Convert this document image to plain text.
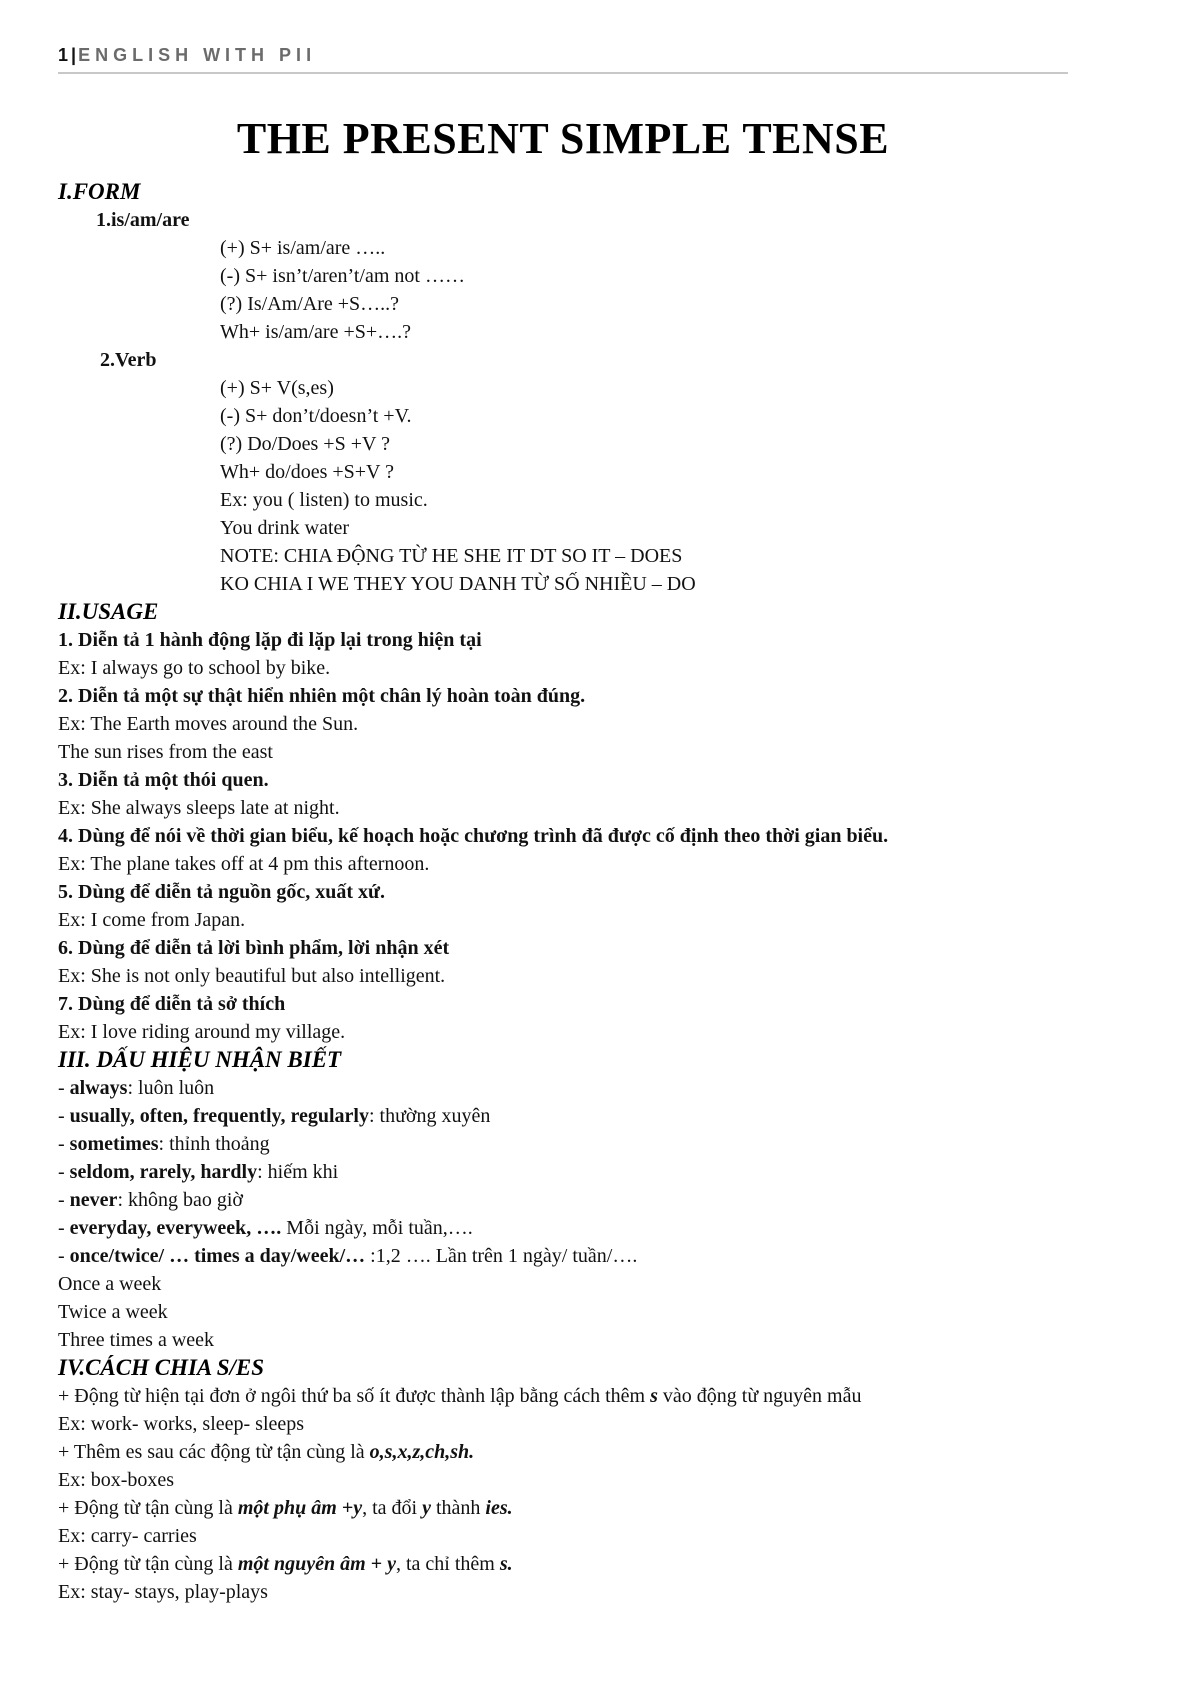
1 | ENGLISH WITH PII
THE PRESENT SIMPLE TENSE
I.FORM
1.is/am/are
(+) S+ is/am/are …..
(-) S+ isn’t/aren’t/am not ……
(?) Is/Am/Are +S…..?
Wh+ is/am/are +S+….?
2.Verb
(+) S+ V(s,es)
(-) S+ don’t/doesn’t +V.
(?) Do/Does +S +V ?
Wh+ do/does +S+V ?
Ex: you ( listen) to music.
You drink water
NOTE: CHIA ĐỘNG TỪ HE SHE IT DT SO IT – DOES
KO CHIA I WE THEY YOU DANH TỪ SỐ NHIỀU – DO
II.USAGE
1. Diễn tả 1 hành động lặp đi lặp lại trong hiện tại
Ex: I always go to school by bike.
2. Diễn tả một sự thật hiển nhiên một chân lý hoàn toàn đúng.
Ex: The Earth moves around the Sun.
The sun rises from the east
3. Diễn tả một thói quen.
Ex: She always sleeps late at night.
4. Dùng để nói về thời gian biểu, kế hoạch hoặc chương trình đã được cố định theo thời gian biểu.
Ex: The plane takes off at 4 pm this afternoon.
5. Dùng để diễn tả nguồn gốc, xuất xứ.
Ex: I come from Japan.
6. Dùng để diễn tả lời bình phẩm, lời nhận xét
Ex: She is not only beautiful but also intelligent.
7. Dùng để diễn tả sở thích
Ex: I love riding around my village.
III. DẤU HIỆU NHẬN BIẾT
- always: luôn luôn
- usually, often, frequently, regularly: thường xuyên
- sometimes: thỉnh thoảng
- seldom, rarely, hardly: hiếm khi
- never: không bao giờ
- everyday, everyweek, …. Mỗi ngày, mỗi tuần,….
- once/twice/ … times a day/week/… :1,2 …. Lần trên 1 ngày/ tuần/….
Once a week
Twice a week
Three times a week
IV.CÁCH CHIA S/ES
+ Động từ hiện tại đơn ở ngôi thứ ba số ít được thành lập bằng cách thêm s vào động từ nguyên mẫu
Ex: work- works, sleep- sleeps
+ Thêm es sau các động từ tận cùng là o,s,x,z,ch,sh.
Ex: box-boxes
+ Động từ tận cùng là một phụ âm +y, ta đổi y thành ies.
Ex: carry- carries
+ Động từ tận cùng là một nguyên âm + y, ta chỉ thêm s.
Ex: stay- stays, play-plays
